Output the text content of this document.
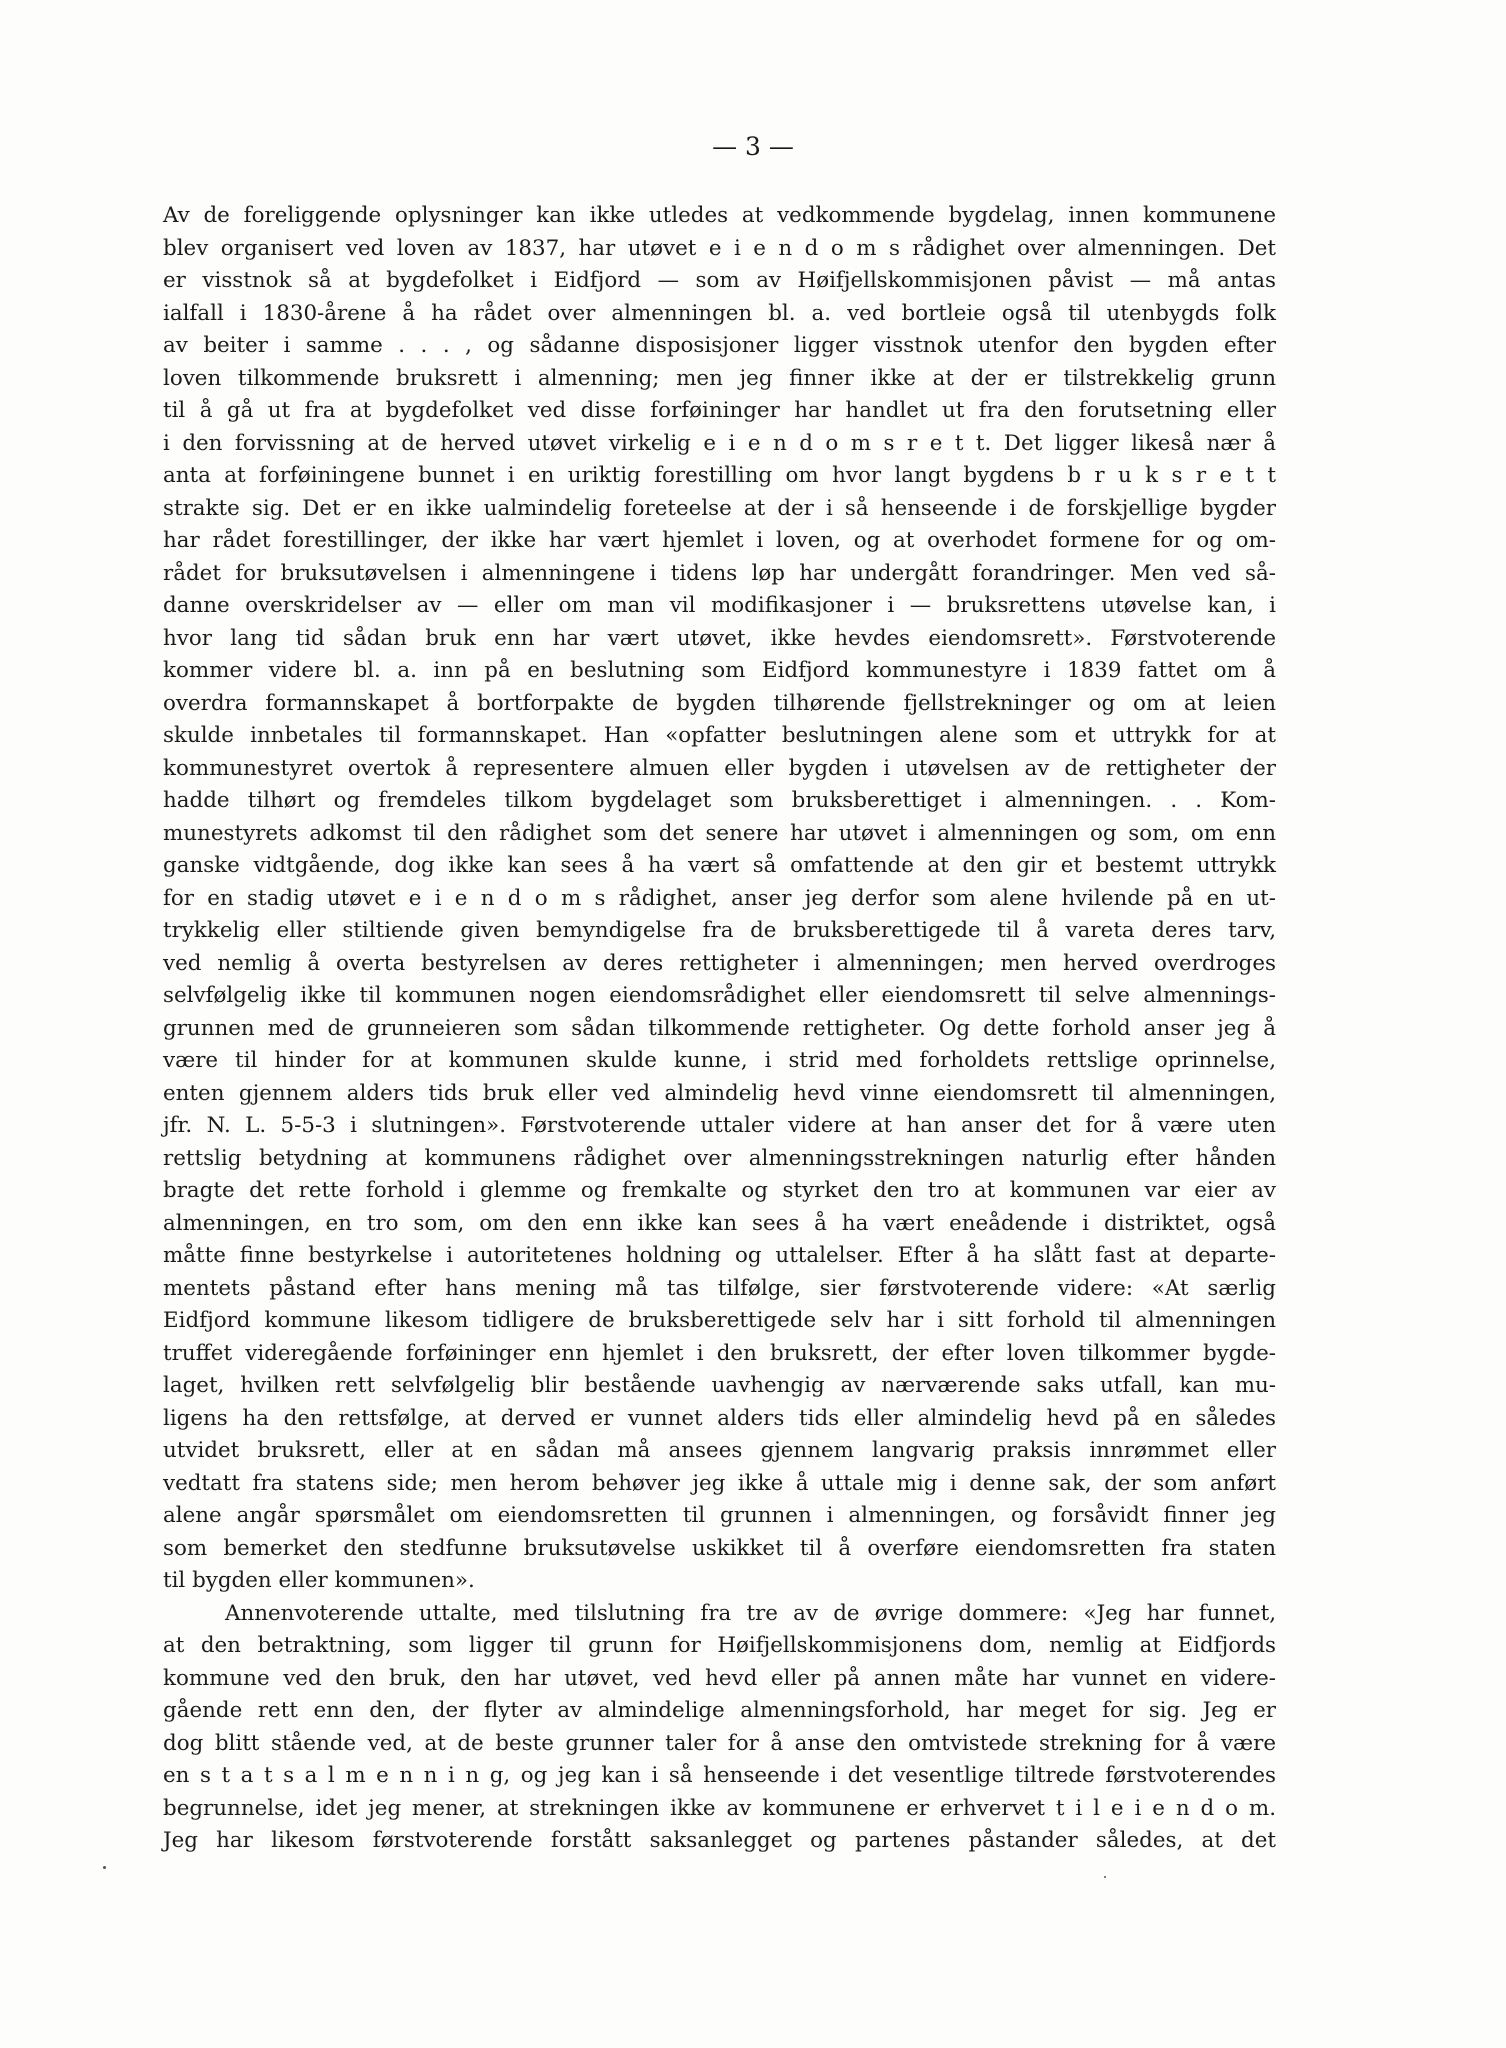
— 3 —
Av de foreliggende oplysninger kan ikke utledes at vedkommende bygdelag, innen kommunene
blev organisert ved loven av 1837, har utøvet e i e n d o m s rådighet over almenningen. Det
er visstnok så at bygdefolket i Eidfjord — som av Høifjellskommisjonen påvist — må antas
ialfall i 1830-årene å ha rådet over almenningen bl. a. ved bortleie også til utenbygds folk
av beiter i samme . . . , og sådanne disposisjoner ligger visstnok utenfor den bygden efter
loven tilkommende bruksrett i almenning; men jeg finner ikke at der er tilstrekkelig grunn
til å gå ut fra at bygdefolket ved disse forføininger har handlet ut fra den forutsetning eller
i den forvissning at de herved utøvet virkelig e i e n d o m s r e t t. Det ligger likeså nær å
anta at forføiningene bunnet i en uriktig forestilling om hvor langt bygdens b r u k s r e t t
strakte sig. Det er en ikke ualmindelig foreteelse at der i så henseende i de forskjellige bygder
har rådet forestillinger, der ikke har vært hjemlet i loven, og at overhodet formene for og om-
rådet for bruksutøvelsen i almenningene i tidens løp har undergått forandringer. Men ved så-
danne overskridelser av — eller om man vil modifikasjoner i — bruksrettens utøvelse kan, i
hvor lang tid sådan bruk enn har vært utøvet, ikke hevdes eiendomsrett». Førstvoterende
kommer videre bl. a. inn på en beslutning som Eidfjord kommunestyre i 1839 fattet om å
overdra formannskapet å bortforpakte de bygden tilhørende fjellstrekninger og om at leien
skulde innbetales til formannskapet. Han «opfatter beslutningen alene som et uttrykk for at
kommunestyret overtok å representere almuen eller bygden i utøvelsen av de rettigheter der
hadde tilhørt og fremdeles tilkom bygdelaget som bruksberettiget i almenningen. . . Kom-
munestyrets adkomst til den rådighet som det senere har utøvet i almenningen og som, om enn
ganske vidtgående, dog ikke kan sees å ha vært så omfattende at den gir et bestemt uttrykk
for en stadig utøvet e i e n d o m s rådighet, anser jeg derfor som alene hvilende på en ut-
trykkelig eller stiltiende given bemyndigelse fra de bruksberettigede til å vareta deres tarv,
ved nemlig å overta bestyrelsen av deres rettigheter i almenningen; men herved overdroges
selvfølgelig ikke til kommunen nogen eiendomsrådighet eller eiendomsrett til selve almennings-
grunnen med de grunneieren som sådan tilkommende rettigheter. Og dette forhold anser jeg å
være til hinder for at kommunen skulde kunne, i strid med forholdets rettslige oprinnelse,
enten gjennem alders tids bruk eller ved almindelig hevd vinne eiendomsrett til almenningen,
jfr. N. L. 5-5-3 i slutningen». Førstvoterende uttaler videre at han anser det for å være uten
rettslig betydning at kommunens rådighet over almenningsstrekningen naturlig efter hånden
bragte det rette forhold i glemme og fremkalte og styrket den tro at kommunen var eier av
almenningen, en tro som, om den enn ikke kan sees å ha vært eneådende i distriktet, også
måtte finne bestyrkelse i autoritetenes holdning og uttalelser. Efter å ha slått fast at departe-
mentets påstand efter hans mening må tas tilfølge, sier førstvoterende videre: «At særlig
Eidfjord kommune likesom tidligere de bruksberettigede selv har i sitt forhold til almenningen
truffet videregående forføininger enn hjemlet i den bruksrett, der efter loven tilkommer bygde-
laget, hvilken rett selvfølgelig blir bestående uavhengig av nærværende saks utfall, kan mu-
ligens ha den rettsfølge, at derved er vunnet alders tids eller almindelig hevd på en således
utvidet bruksrett, eller at en sådan må ansees gjennem langvarig praksis innrømmet eller
vedtatt fra statens side; men herom behøver jeg ikke å uttale mig i denne sak, der som anført
alene angår spørsmålet om eiendomsretten til grunnen i almenningen, og forsåvidt finner jeg
som bemerket den stedfunne bruksutøvelse uskikket til å overføre eiendomsretten fra staten
til bygden eller kommunen».
Annenvoterende uttalte, med tilslutning fra tre av de øvrige dommere: «Jeg har funnet,
at den betraktning, som ligger til grunn for Høifjellskommisjonens dom, nemlig at Eidfjords
kommune ved den bruk, den har utøvet, ved hevd eller på annen måte har vunnet en videre-
gående rett enn den, der flyter av almindelige almenningsforhold, har meget for sig. Jeg er
dog blitt stående ved, at de beste grunner taler for å anse den omtvistede strekning for å være
en s t a t s a l m e n n i n g, og jeg kan i så henseende i det vesentlige tiltrede førstvoterendes
begrunnelse, idet jeg mener, at strekningen ikke av kommunene er erhvervet t i l e i e n d o m.
Jeg har likesom førstvoterende forstått saksanlegget og partenes påstander således, at det
